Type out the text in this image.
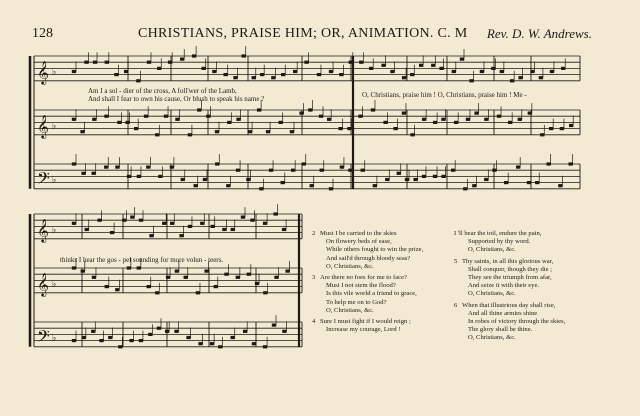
128	CHRISTIANS, PRAISE HIM; OR, ANIMATION. C. M Rev. D. W. Andrews.
𝄞 ♭
𝄞 ♭
𝄢 ♭
𝄞 ♭
𝄞 ♭
𝄢 ♭
Am I a sol - dier of the cross, A foll'wer of the Lamb,
And shall I fear to own his cause, Or blush to speak his name ?	O, Christians, praise him ! O, Christians, praise him ! Me -
thinks I hear the gos - pel sounding for more volun - teers.
2 Must I be carried to the skies
On flowery beds of ease,
While others fought to win the prize,
And sail'd through bloody seas?
O, Christians, &c.
3 Are there no foes for me to face?
Must I not stem the flood?
Is this vile world a friend to grace,
To help me on to God?
O, Christians, &c.
4 Sure I must fight if I would reign ;
Increase my courage, Lord !
I 'll bear the toil, endure the pain,
Supported by thy word.
O, Christians, &c.
5 Thy saints, in all this glorious war,
Shall conquer, though they die ;
They see the triumph from afar,
And seize it with their eye.
O, Christians, &c.
6 When that illustrious day shall rise,
And all thine armies shine
In robes of victory through the skies,
The glory shall be thine.
O, Christians, &c.
